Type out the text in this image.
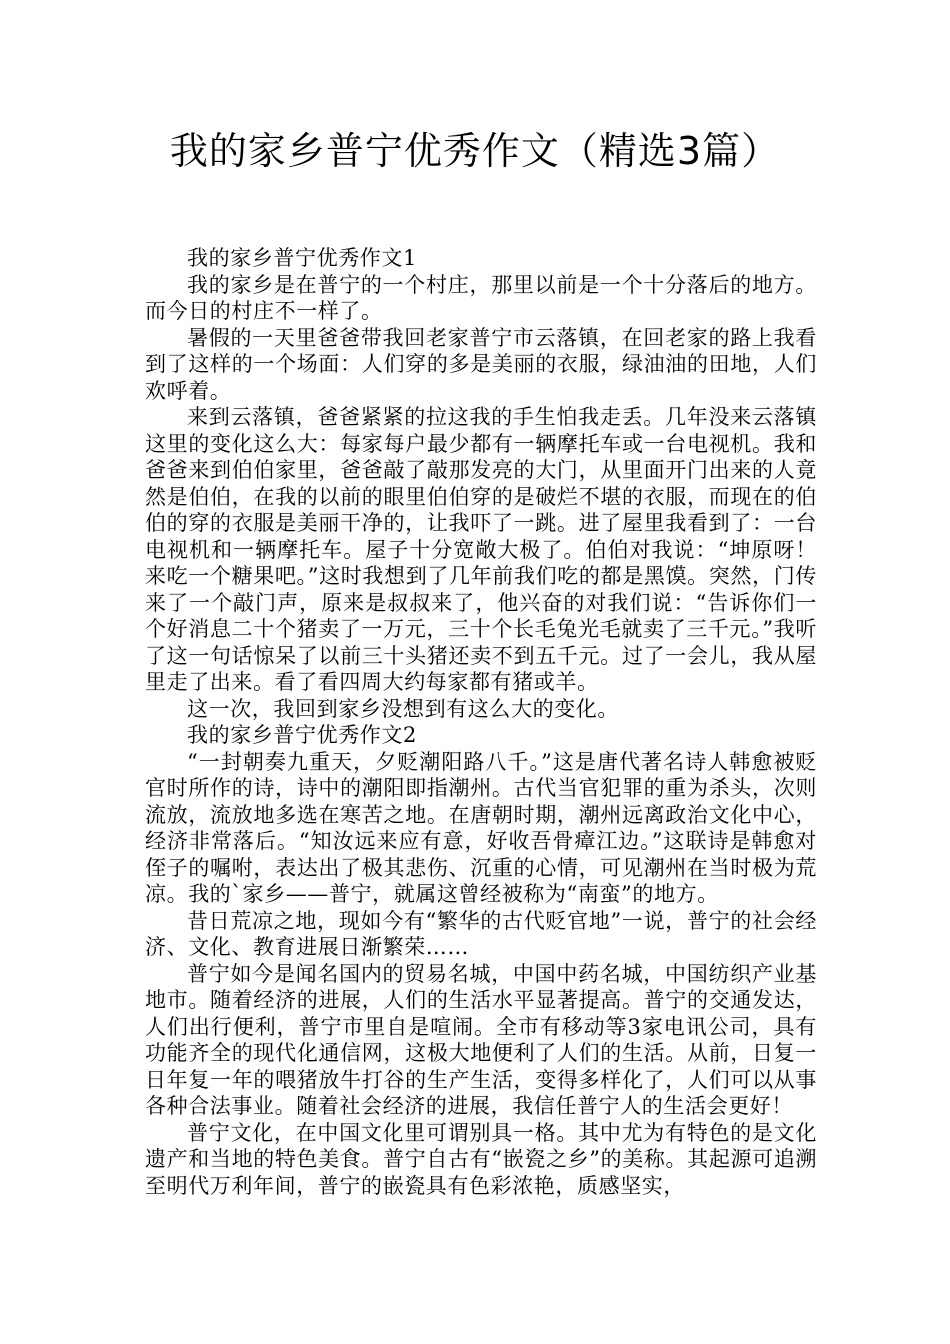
我的家乡普宁优秀作文（精选3篇）

我的家乡普宁优秀作文1

我的家乡是在普宁的一个村庄，那里以前是一个十分落后的地方。而今日的村庄不一样了。

暑假的一天里爸爸带我回老家普宁市云落镇，在回老家的路上我看到了这样的一个场面：人们穿的多是美丽的衣服，绿油油的田地，人们欢呼着。

来到云落镇，爸爸紧紧的拉这我的手生怕我走丢。几年没来云落镇这里的变化这么大：每家每户最少都有一辆摩托车或一台电视机。我和爸爸来到伯伯家里，爸爸敲了敲那发亮的大门，从里面开门出来的人竟然是伯伯，在我的以前的眼里伯伯穿的是破烂不堪的衣服，而现在的伯伯的穿的衣服是美丽干净的，让我吓了一跳。进了屋里我看到了：一台电视机和一辆摩托车。屋子十分宽敞大极了。伯伯对我说：“坤原呀！来吃一个糖果吧。”这时我想到了几年前我们吃的都是黑馍。突然，门传来了一个敲门声，原来是叔叔来了，他兴奋的对我们说：“告诉你们一个好消息二十个猪卖了一万元，三十个长毛兔光毛就卖了三千元。”我听了这一句话惊呆了以前三十头猪还卖不到五千元。过了一会儿，我从屋里走了出来。看了看四周大约每家都有猪或羊。

这一次，我回到家乡没想到有这么大的变化。

我的家乡普宁优秀作文2

“一封朝奏九重天，夕贬潮阳路八千。”这是唐代著名诗人韩愈被贬官时所作的诗，诗中的潮阳即指潮州。古代当官犯罪的重为杀头，次则流放，流放地多选在寒苦之地。在唐朝时期，潮州远离政治文化中心，经济非常落后。“知汝远来应有意，好收吾骨瘴江边。”这联诗是韩愈对侄子的嘱咐，表达出了极其悲伤、沉重的心情，可见潮州在当时极为荒凉。我的`家乡——普宁，就属这曾经被称为“南蛮”的地方。

昔日荒凉之地，现如今有“繁华的古代贬官地”一说，普宁的社会经济、文化、教育进展日渐繁荣……

普宁如今是闻名国内的贸易名城，中国中药名城，中国纺织产业基地市。随着经济的进展，人们的生活水平显著提高。普宁的交通发达，人们出行便利，普宁市里自是喧闹。全市有移动等3家电讯公司，具有功能齐全的现代化通信网，这极大地便利了人们的生活。从前，日复一日年复一年的喂猪放牛打谷的生产生活，变得多样化了，人们可以从事各种合法事业。随着社会经济的进展，我信任普宁人的生活会更好！

普宁文化，在中国文化里可谓别具一格。其中尤为有特色的是文化遗产和当地的特色美食。普宁自古有“嵌瓷之乡”的美称。其起源可追溯至明代万利年间，普宁的嵌瓷具有色彩浓艳，质感坚实，
